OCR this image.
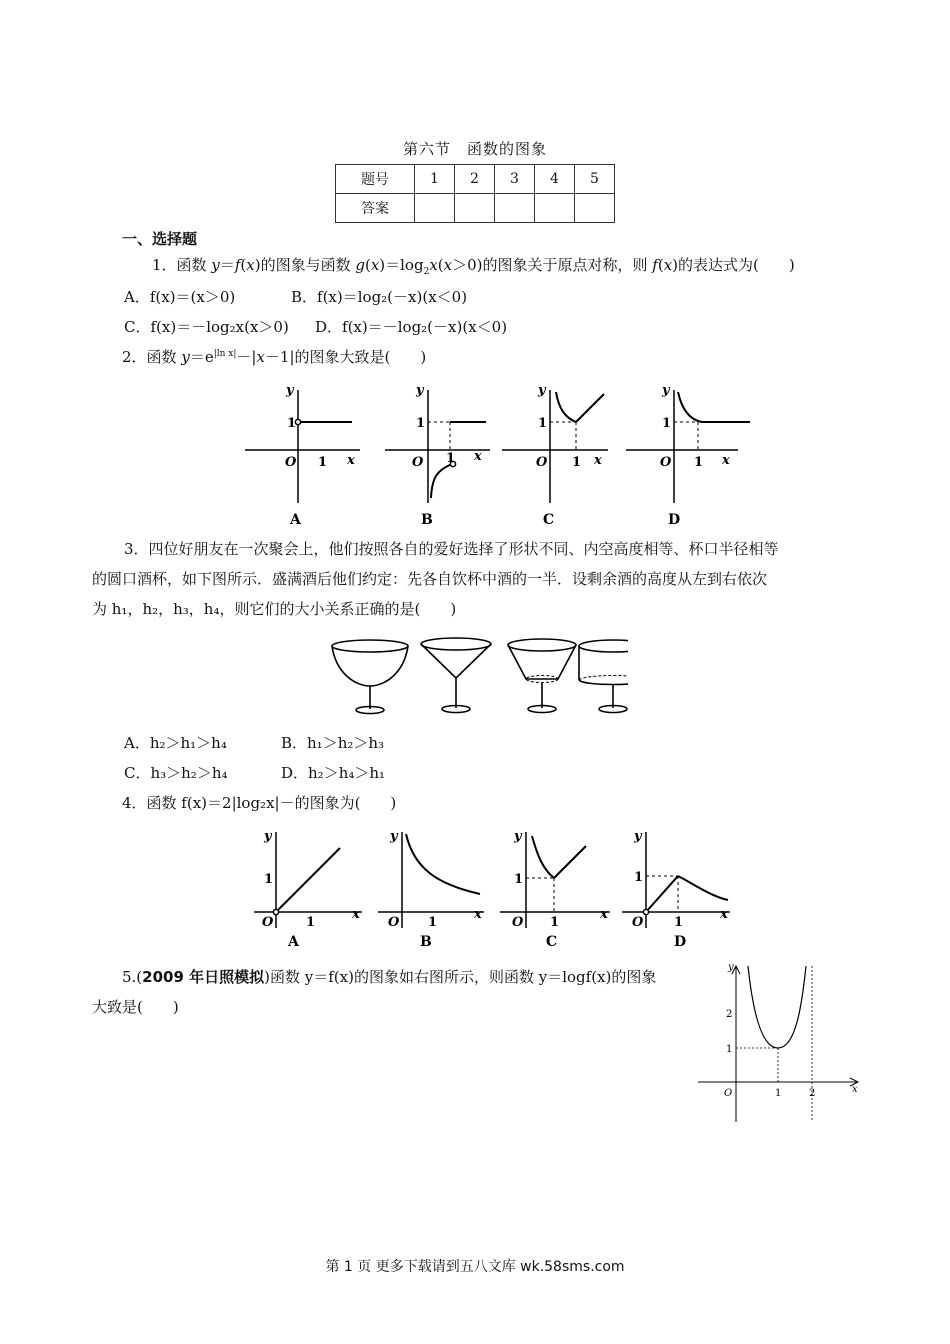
第六节　函数的图象
题号	1	2	3	4	5
答案					
一、选择题
1．函数 y＝f(x)的图象与函数 $g(x)=\log_2x(x>0)$的图象关于原点对称，则 f(x)的表达式为(　　)
A．f(x)＝(x＞0)	B．f(x)＝log₂(－x)(x＜0)
C．f(x)＝－log₂x(x＞0) D．f(x)＝－log₂(－x)(x＜0)
2．函数 $y=e^{|ln x|}-|x-1|$的图象大致是(　　)
y
x
y
x
y
x
y
x
O
1
1	O
1
1	O
1
1	O
1
1
A	B	C	D
3．四位好朋友在一次聚会上，他们按照各自的爱好选择了形状不同、内空高度相等、杯口半径相等
的圆口酒杯，如下图所示．盛满酒后他们约定：先各自饮杯中酒的一半．设剩余酒的高度从左到右依次
为 h₁，h₂，h₃，h₄，则它们的大小关系正确的是(　　)
A．h₂＞h₁＞h₄	B．h₁＞h₂＞h₃
C．h₃＞h₂＞h₄	D．h₂＞h₄＞h₁
4．函数 f(x)＝2|log₂x|－的图象为(　　)
y
x
y
x
y
x
y
x
O	O	O	O
1
1	1
1
1
1
1
A	B	C	D
5.(2009 年日照模拟)函数 y＝f(x)的图象如右图所示，则函数 y＝logf(x)的图象
大致是(　　)
y
x
O
2
1
1	2
第 1 页 更多下载请到五八文库 wk.58sms.com
